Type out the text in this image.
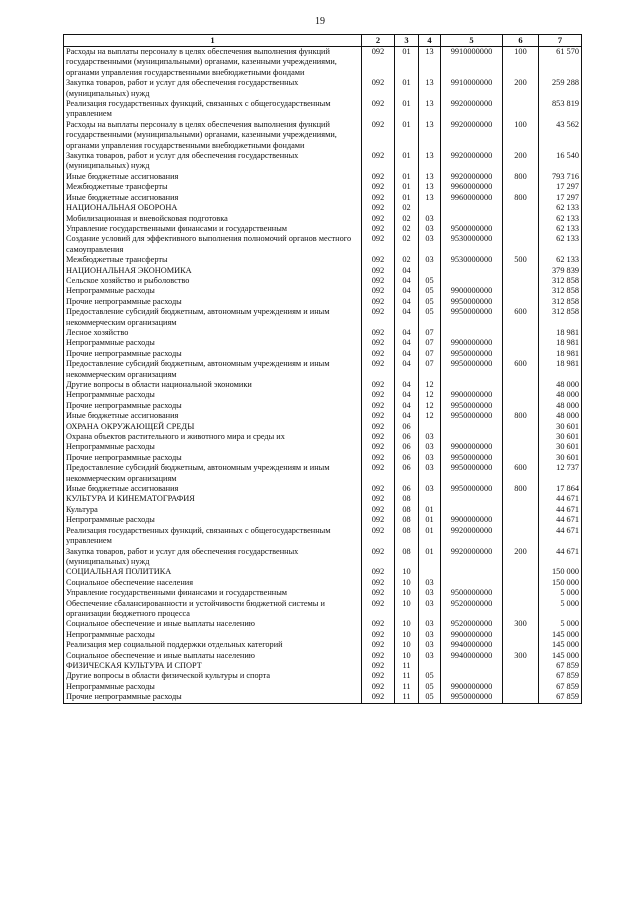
19
1	2	3	4	5	6	7
Расходы на выплаты персоналу в целях обеспечения выполнения функций государственными (муниципальными) органами, казенными учреждениями, органами управления государственными внебюджетными фондами	092	01	13	9910000000	100	61 570
Закупка товаров, работ и услуг для обеспечения государственных (муниципальных) нужд	092	01	13	9910000000	200	259 288
Реализация государственных функций, связанных с общегосударственным управлением	092	01	13	9920000000		853 819
Расходы на выплаты персоналу в целях обеспечения выполнения функций государственными (муниципальными) органами, казенными учреждениями, органами управления государственными внебюджетными фондами	092	01	13	9920000000	100	43 562
Закупка товаров, работ и услуг для обеспечения государственных (муниципальных) нужд	092	01	13	9920000000	200	16 540
Иные бюджетные ассигнования	092	01	13	9920000000	800	793 716
Межбюджетные трансферты	092	01	13	9960000000		17 297
Иные бюджетные ассигнования	092	01	13	9960000000	800	17 297
НАЦИОНАЛЬНАЯ ОБОРОНА	092	02				62 133
Мобилизационная и вневойсковая подготовка	092	02	03			62 133
Управление государственными финансами и государственным	092	02	03	9500000000		62 133
Создание условий для эффективного выполнения полномочий органов местного самоуправления	092	02	03	9530000000		62 133
Межбюджетные трансферты	092	02	03	9530000000	500	62 133
НАЦИОНАЛЬНАЯ ЭКОНОМИКА	092	04				379 839
Сельское хозяйство и рыболовство	092	04	05			312 858
Непрограммные расходы	092	04	05	9900000000		312 858
Прочие непрограммные расходы	092	04	05	9950000000		312 858
Предоставление субсидий бюджетным, автономным учреждениям и иным некоммерческим организациям	092	04	05	9950000000	600	312 858
Лесное хозяйство	092	04	07			18 981
Непрограммные расходы	092	04	07	9900000000		18 981
Прочие непрограммные расходы	092	04	07	9950000000		18 981
Предоставление субсидий бюджетным, автономным учреждениям и иным некоммерческим организациям	092	04	07	9950000000	600	18 981
Другие вопросы в области национальной экономики	092	04	12			48 000
Непрограммные расходы	092	04	12	9900000000		48 000
Прочие непрограммные расходы	092	04	12	9950000000		48 000
Иные бюджетные ассигнования	092	04	12	9950000000	800	48 000
ОХРАНА ОКРУЖАЮЩЕЙ СРЕДЫ	092	06				30 601
Охрана объектов растительного и животного мира и среды их	092	06	03			30 601
Непрограммные расходы	092	06	03	9900000000		30 601
Прочие непрограммные расходы	092	06	03	9950000000		30 601
Предоставление субсидий бюджетным, автономным учреждениям и иным некоммерческим организациям	092	06	03	9950000000	600	12 737
Иные бюджетные ассигнования	092	06	03	9950000000	800	17 864
КУЛЬТУРА И КИНЕМАТОГРАФИЯ	092	08				44 671
Культура	092	08	01			44 671
Непрограммные расходы	092	08	01	9900000000		44 671
Реализация государственных функций, связанных с общегосударственным управлением	092	08	01	9920000000		44 671
Закупка товаров, работ и услуг для обеспечения государственных (муниципальных) нужд	092	08	01	9920000000	200	44 671
СОЦИАЛЬНАЯ ПОЛИТИКА	092	10				150 000
Социальное обеспечение населения	092	10	03			150 000
Управление государственными финансами и государственным	092	10	03	9500000000		5 000
Обеспечение сбалансированности и устойчивости бюджетной системы и организации бюджетного процесса	092	10	03	9520000000		5 000
Социальное обеспечение и иные выплаты населению	092	10	03	9520000000	300	5 000
Непрограммные расходы	092	10	03	9900000000		145 000
Реализация мер социальной поддержки отдельных категорий	092	10	03	9940000000		145 000
Социальное обеспечение и иные выплаты населению	092	10	03	9940000000	300	145 000
ФИЗИЧЕСКАЯ КУЛЬТУРА И СПОРТ	092	11				67 859
Другие вопросы в области физической культуры и спорта	092	11	05			67 859
Непрограммные расходы	092	11	05	9900000000		67 859
Прочие непрограммные расходы	092	11	05	9950000000		67 859
